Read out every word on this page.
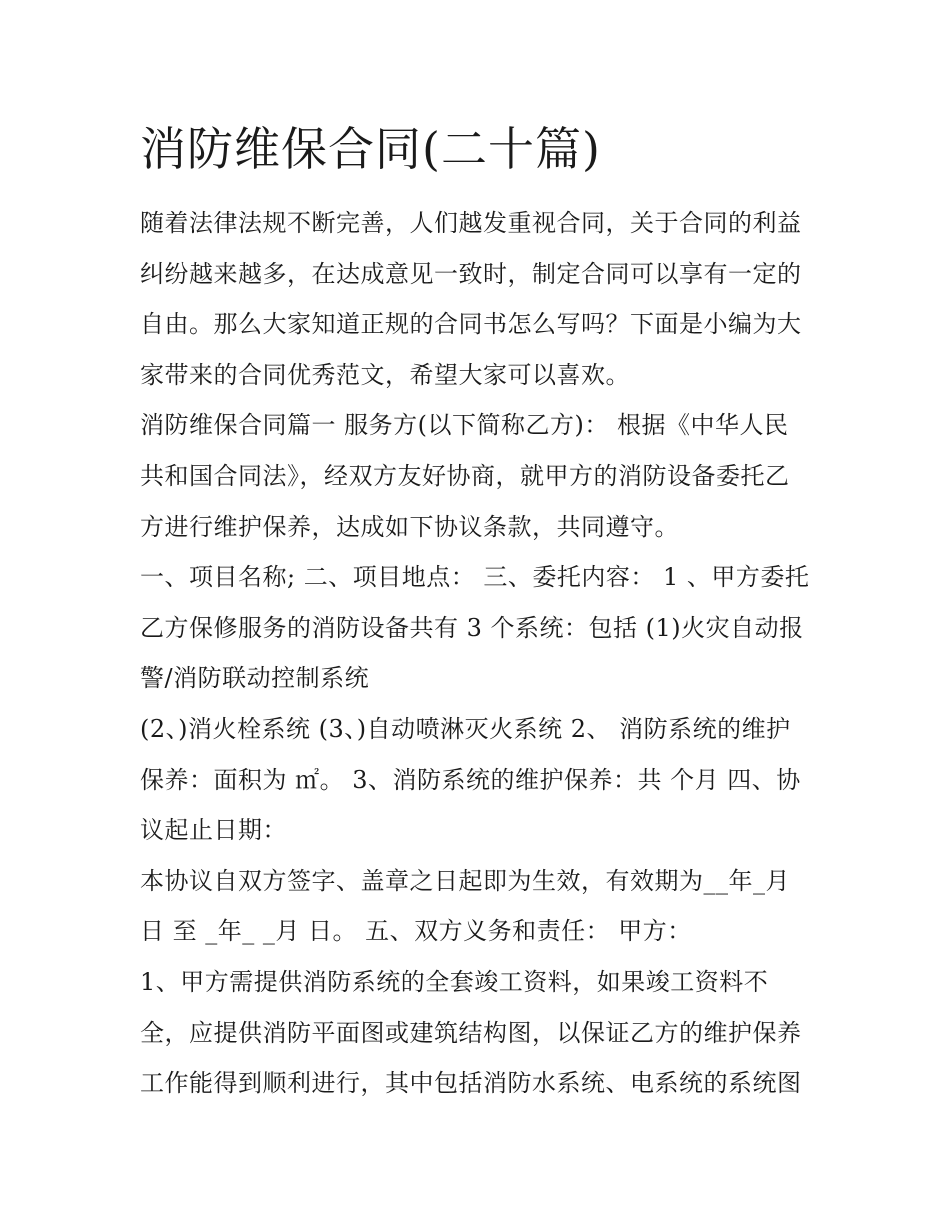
消防维保合同(二十篇)

随着法律法规不断完善，人们越发重视合同，关于合同的利益
纠纷越来越多，在达成意见一致时，制定合同可以享有一定的
自由。那么大家知道正规的合同书怎么写吗？下面是小编为大
家带来的合同优秀范文，希望大家可以喜欢。

消防维保合同篇一 服务方(以下简称乙方)： 根据《中华人民
共和国合同法》，经双方友好协商，就甲方的消防设备委托乙
方进行维护保养，达成如下协议条款，共同遵守。

一、项目名称; 二、项目地点： 三、委托内容： 1 、甲方委托
乙方保修服务的消防设备共有 3 个系统：包括 (1)火灾自动报
警/消防联动控制系统

(2、)消火栓系统 (3、)自动喷淋灭火系统 2、 消防系统的维护
保养：面积为 ㎡。 3、消防系统的维护保养：共 个月 四、协
议起止日期：

本协议自双方签字、盖章之日起即为生效，有效期为__年_月
日 至 _年_ _月 日。 五、双方义务和责任： 甲方：

1、甲方需提供消防系统的全套竣工资料，如果竣工资料不
全，应提供消防平面图或建筑结构图，以保证乙方的维护保养
工作能得到顺利进行，其中包括消防水系统、电系统的系统图
